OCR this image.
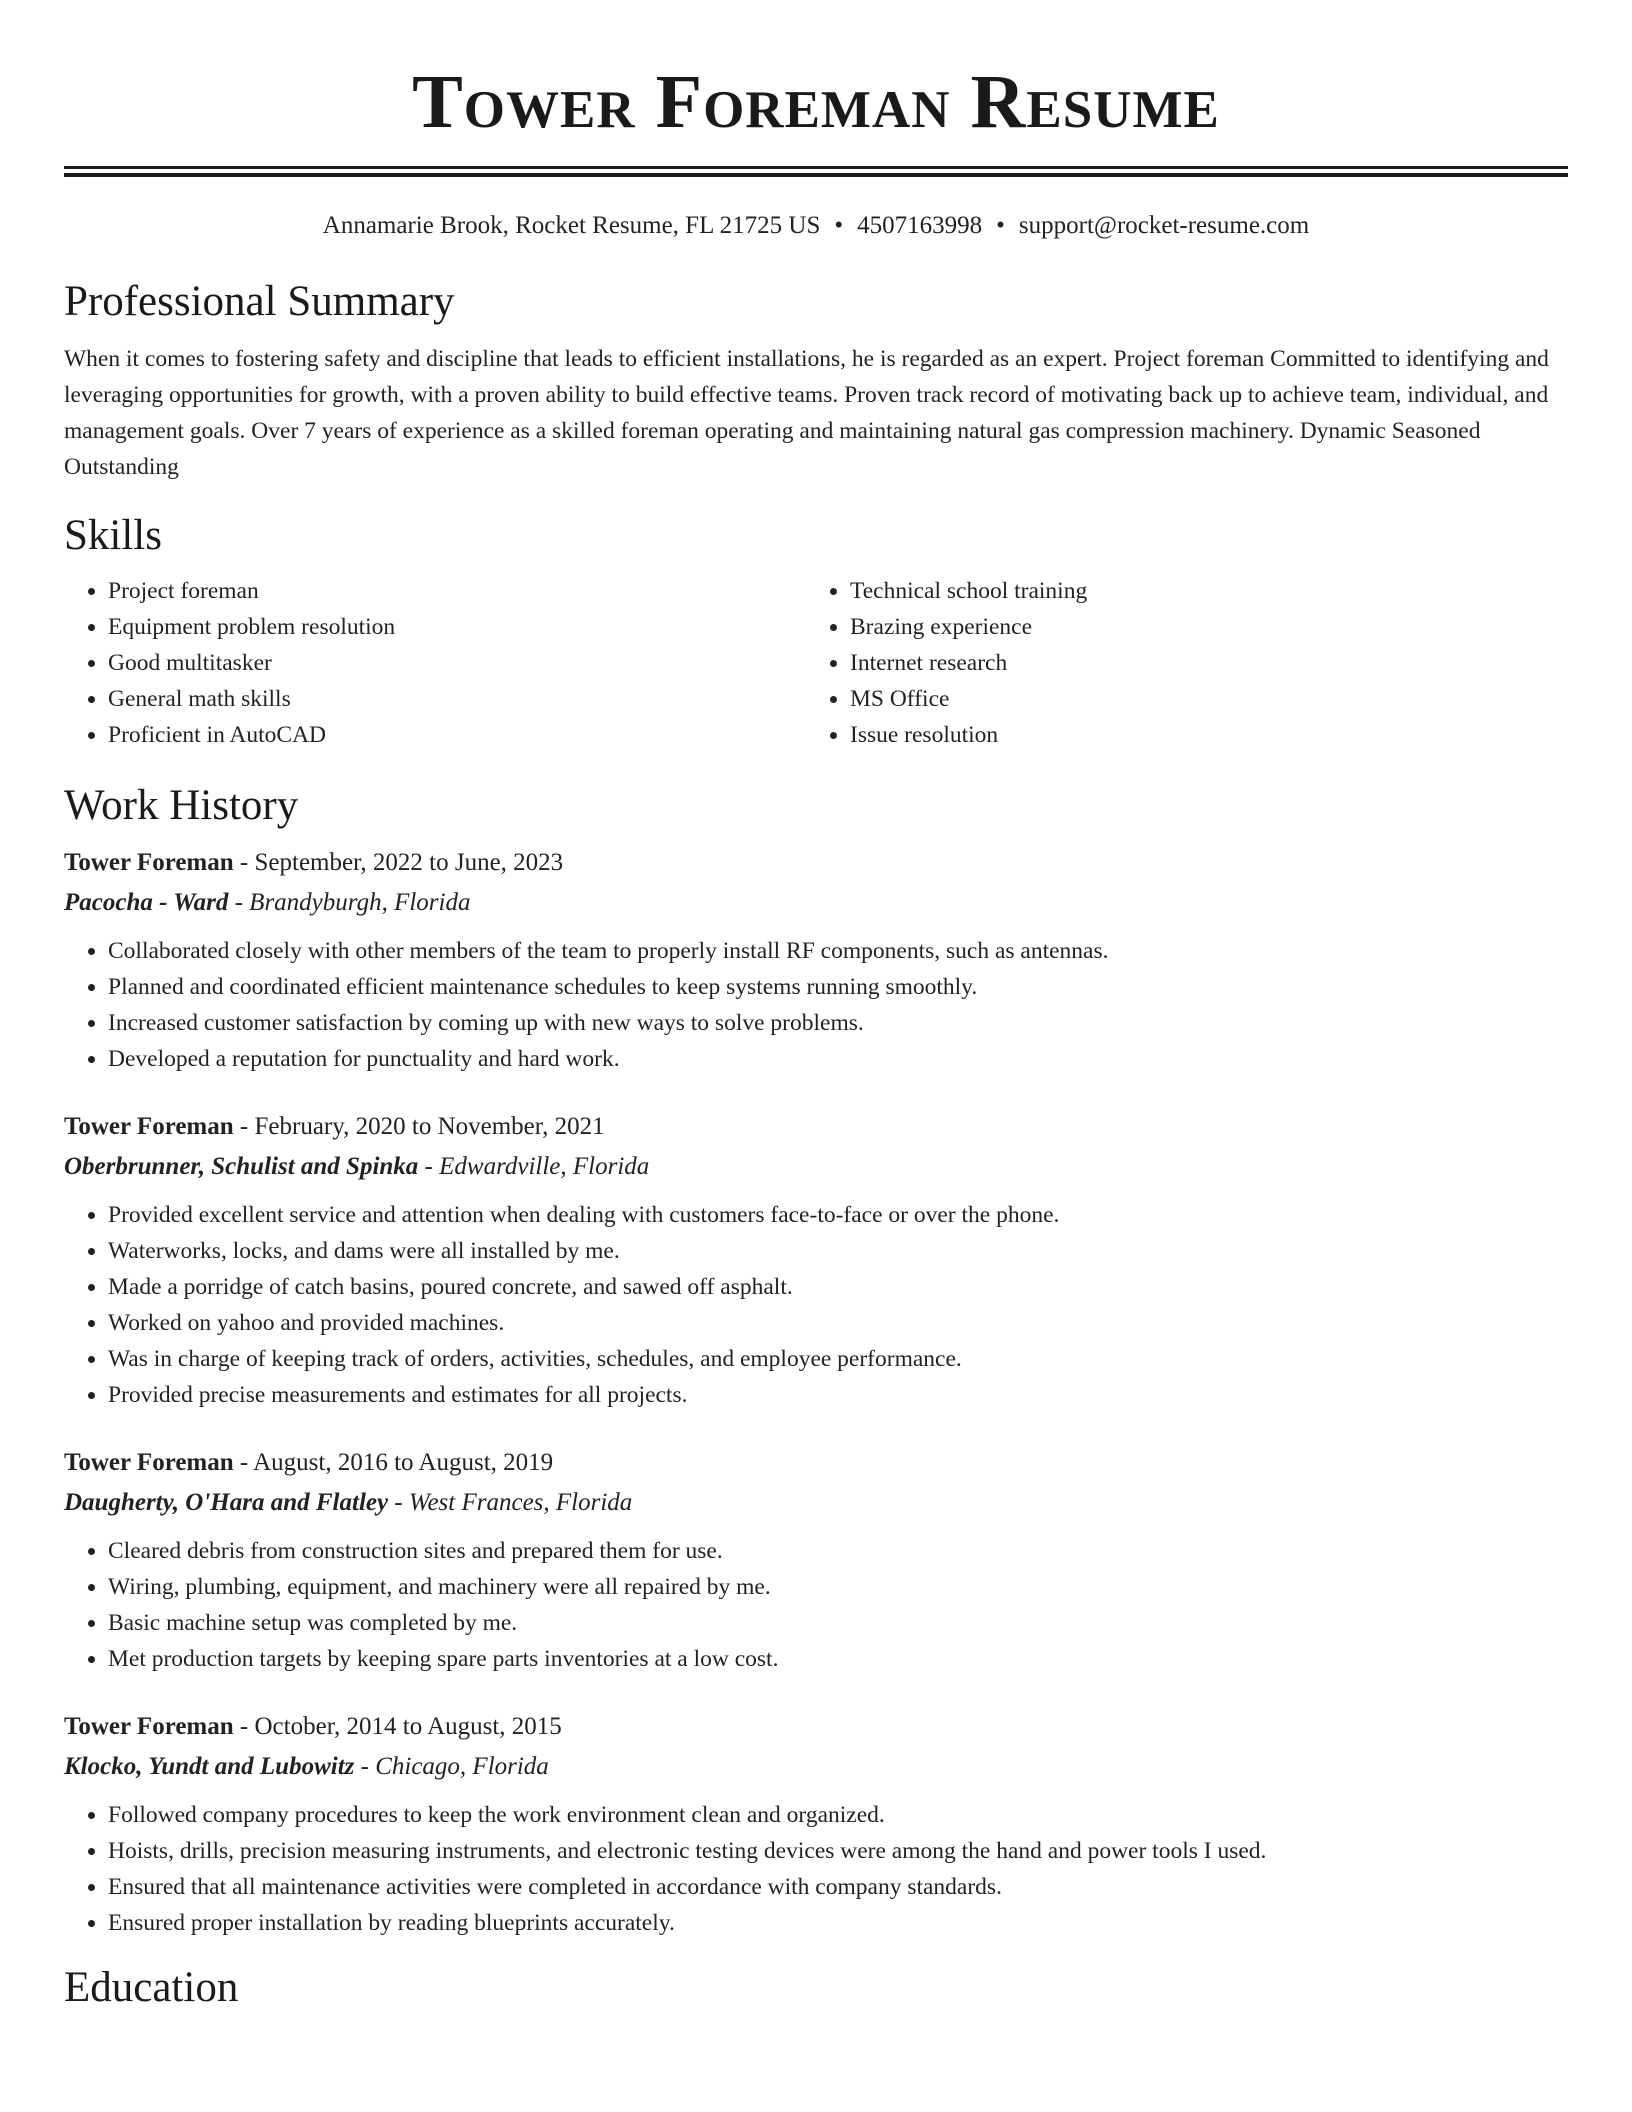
Tower Foreman Resume
Annamarie Brook, Rocket Resume, FL 21725 US • 4507163998 • support@rocket-resume.com
Professional Summary
When it comes to fostering safety and discipline that leads to efficient installations, he is regarded as an expert. Project foreman Committed to identifying and leveraging opportunities for growth, with a proven ability to build effective teams. Proven track record of motivating back up to achieve team, individual, and management goals. Over 7 years of experience as a skilled foreman operating and maintaining natural gas compression machinery. Dynamic Seasoned Outstanding
Skills
• Project foreman
• Equipment problem resolution
• Good multitasker
• General math skills
• Proficient in AutoCAD
• Technical school training
• Brazing experience
• Internet research
• MS Office
• Issue resolution
Work History
Tower Foreman - September, 2022 to June, 2023
Pacocha - Ward - Brandyburgh, Florida
• Collaborated closely with other members of the team to properly install RF components, such as antennas.
• Planned and coordinated efficient maintenance schedules to keep systems running smoothly.
• Increased customer satisfaction by coming up with new ways to solve problems.
• Developed a reputation for punctuality and hard work.
Tower Foreman - February, 2020 to November, 2021
Oberbrunner, Schulist and Spinka - Edwardville, Florida
• Provided excellent service and attention when dealing with customers face-to-face or over the phone.
• Waterworks, locks, and dams were all installed by me.
• Made a porridge of catch basins, poured concrete, and sawed off asphalt.
• Worked on yahoo and provided machines.
• Was in charge of keeping track of orders, activities, schedules, and employee performance.
• Provided precise measurements and estimates for all projects.
Tower Foreman - August, 2016 to August, 2019
Daugherty, O'Hara and Flatley - West Frances, Florida
• Cleared debris from construction sites and prepared them for use.
• Wiring, plumbing, equipment, and machinery were all repaired by me.
• Basic machine setup was completed by me.
• Met production targets by keeping spare parts inventories at a low cost.
Tower Foreman - October, 2014 to August, 2015
Klocko, Yundt and Lubowitz - Chicago, Florida
• Followed company procedures to keep the work environment clean and organized.
• Hoists, drills, precision measuring instruments, and electronic testing devices were among the hand and power tools I used.
• Ensured that all maintenance activities were completed in accordance with company standards.
• Ensured proper installation by reading blueprints accurately.
Education
